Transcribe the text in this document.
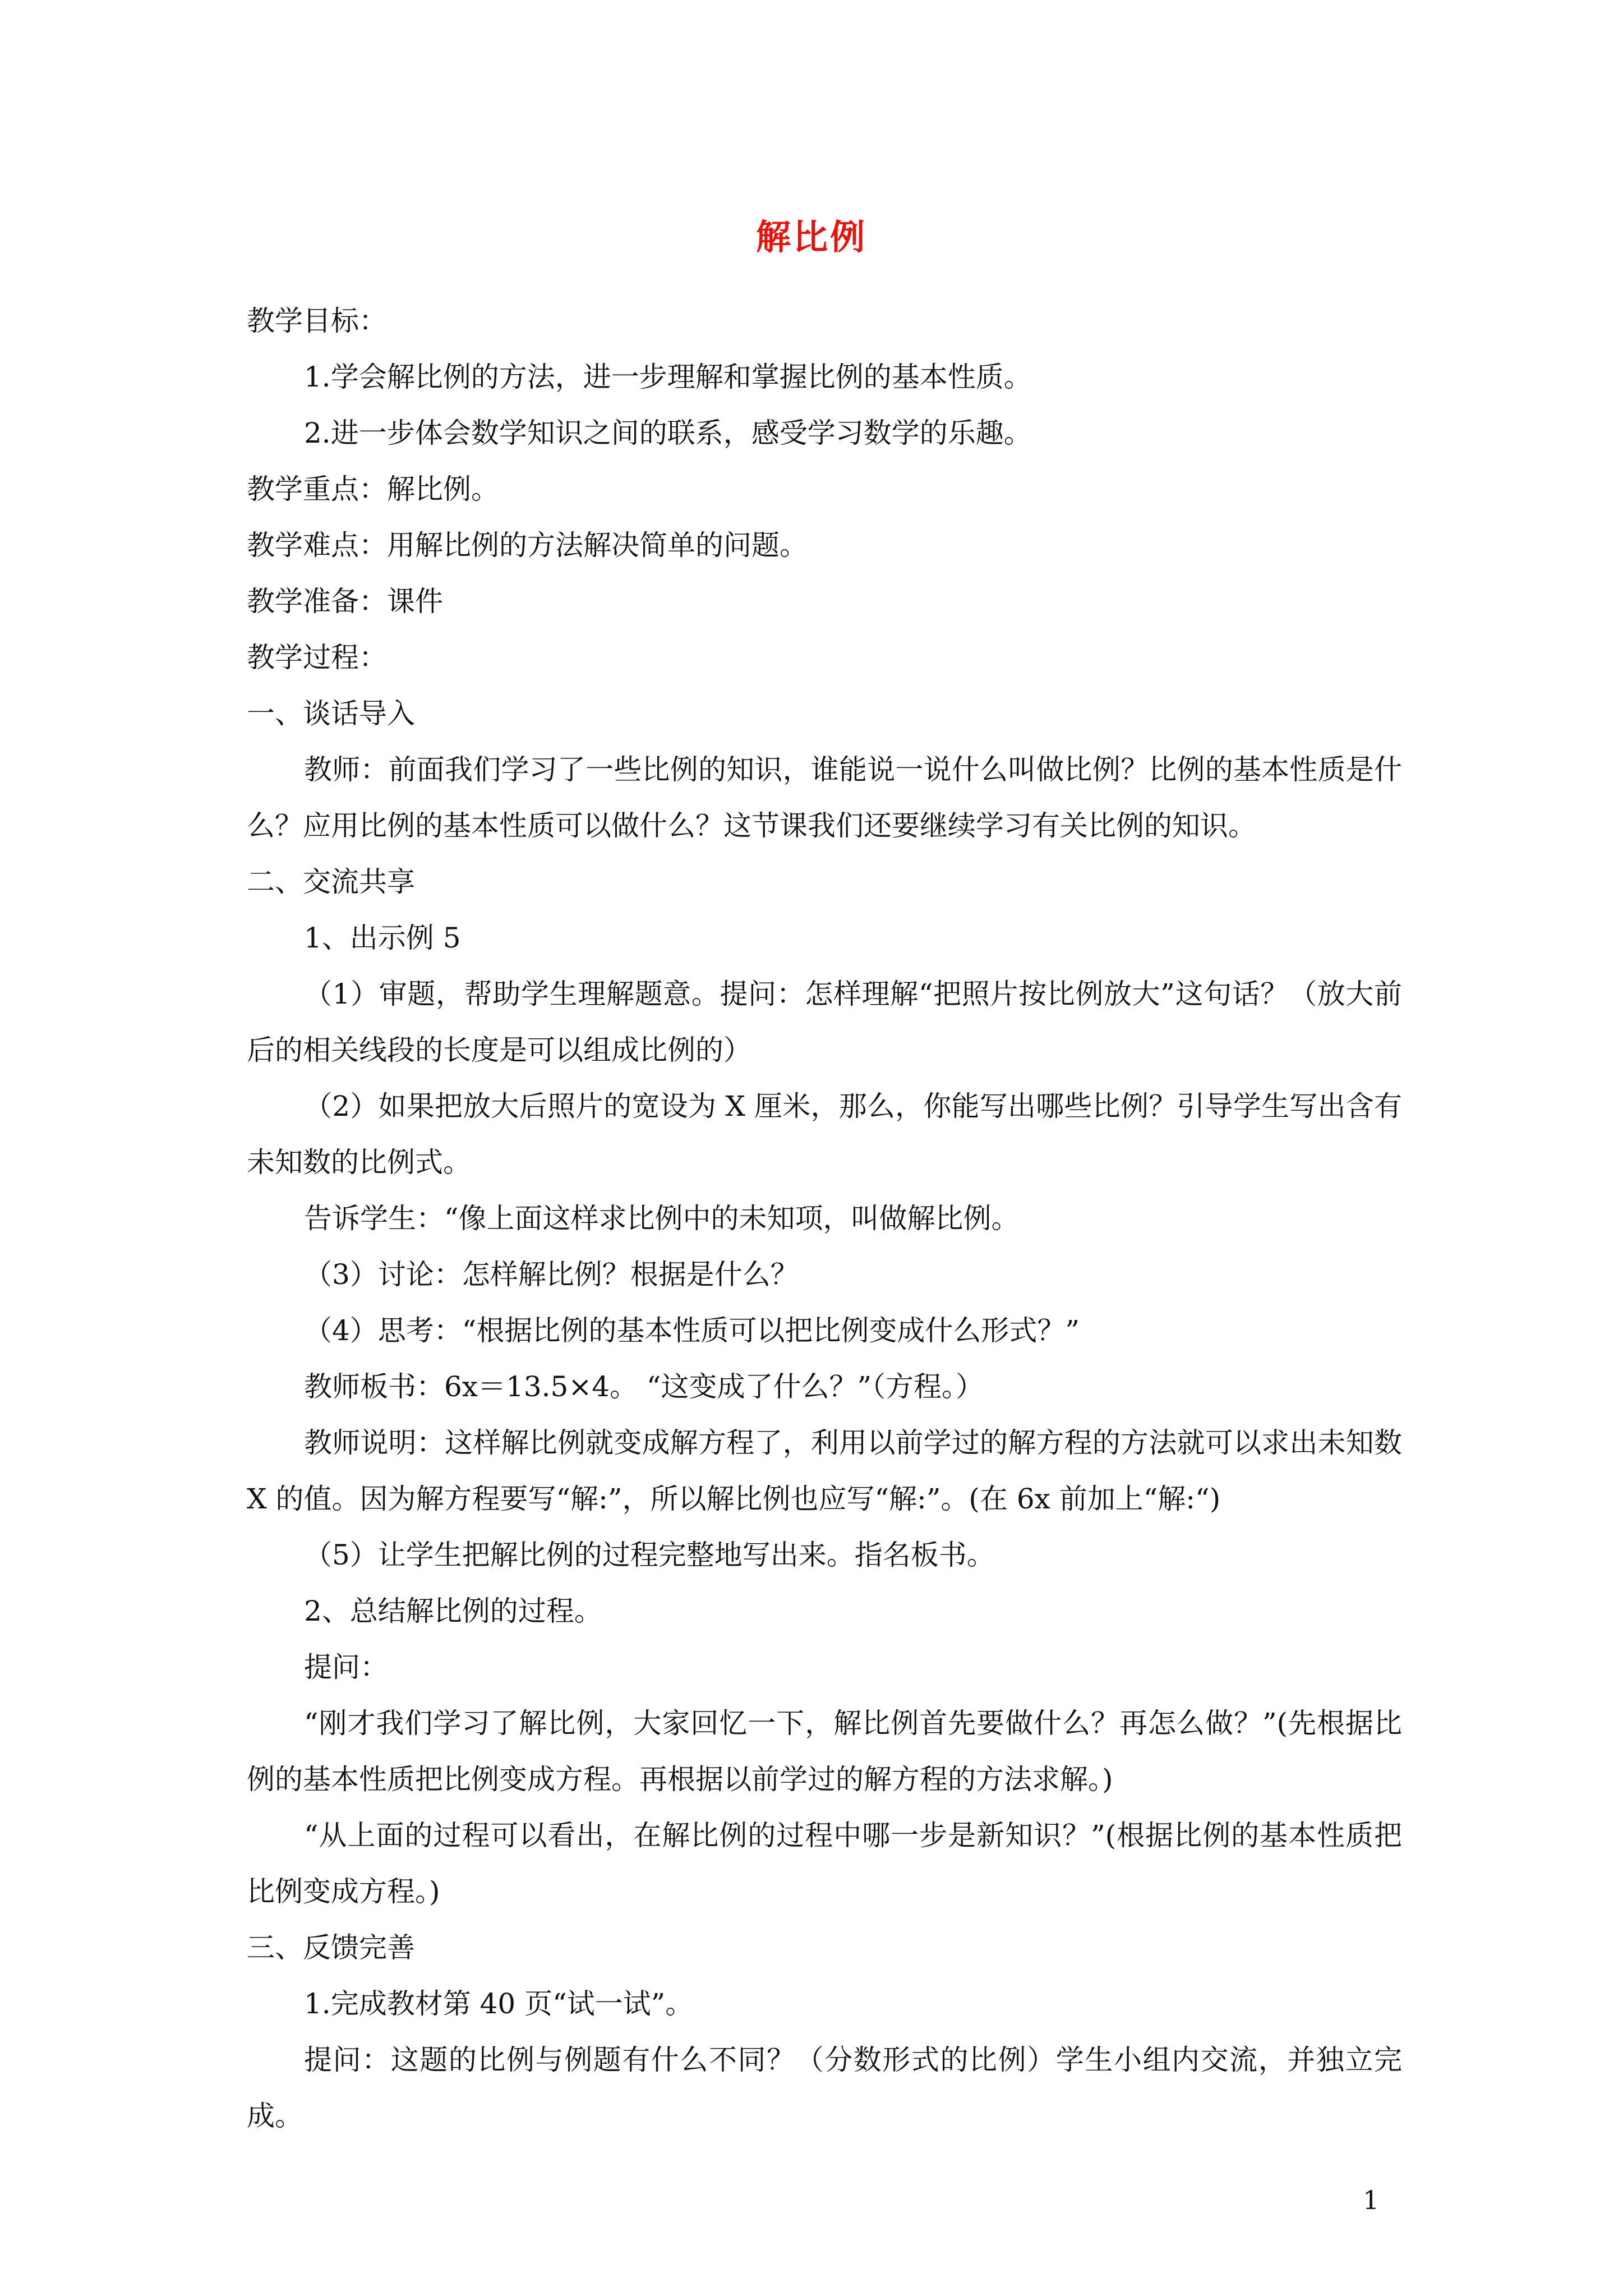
解比例
教学目标：
1.学会解比例的方法，进一步理解和掌握比例的基本性质。
2.进一步体会数学知识之间的联系，感受学习数学的乐趣。
教学重点：解比例。
教学难点：用解比例的方法解决简单的问题。
教学准备：课件
教学过程：
一、谈话导入
教师：前面我们学习了一些比例的知识，谁能说一说什么叫做比例？比例的基本性质是什么？应用比例的基本性质可以做什么？这节课我们还要继续学习有关比例的知识。
二、交流共享
1、出示例 5
（1）审题，帮助学生理解题意。提问：怎样理解“把照片按比例放大”这句话？（放大前后的相关线段的长度是可以组成比例的）
（2）如果把放大后照片的宽设为 X 厘米，那么，你能写出哪些比例？引导学生写出含有未知数的比例式。
告诉学生：“像上面这样求比例中的未知项，叫做解比例。
（3）讨论：怎样解比例？根据是什么？
（4）思考：“根据比例的基本性质可以把比例变成什么形式？”
教师板书：6x＝13.5×4。 “这变成了什么？”（方程。）
教师说明：这样解比例就变成解方程了，利用以前学过的解方程的方法就可以求出未知数 X 的值。因为解方程要写“解:”，所以解比例也应写“解:”。(在 6x 前加上“解:“)
（5）让学生把解比例的过程完整地写出来。指名板书。
2、总结解比例的过程。
提问：
“刚才我们学习了解比例，大家回忆一下，解比例首先要做什么？再怎么做？”(先根据比例的基本性质把比例变成方程。再根据以前学过的解方程的方法求解。)
“从上面的过程可以看出，在解比例的过程中哪一步是新知识？”(根据比例的基本性质把比例变成方程。)
三、反馈完善
1.完成教材第 40 页“试一试”。
提问：这题的比例与例题有什么不同？（分数形式的比例）学生小组内交流，并独立完成。
1
